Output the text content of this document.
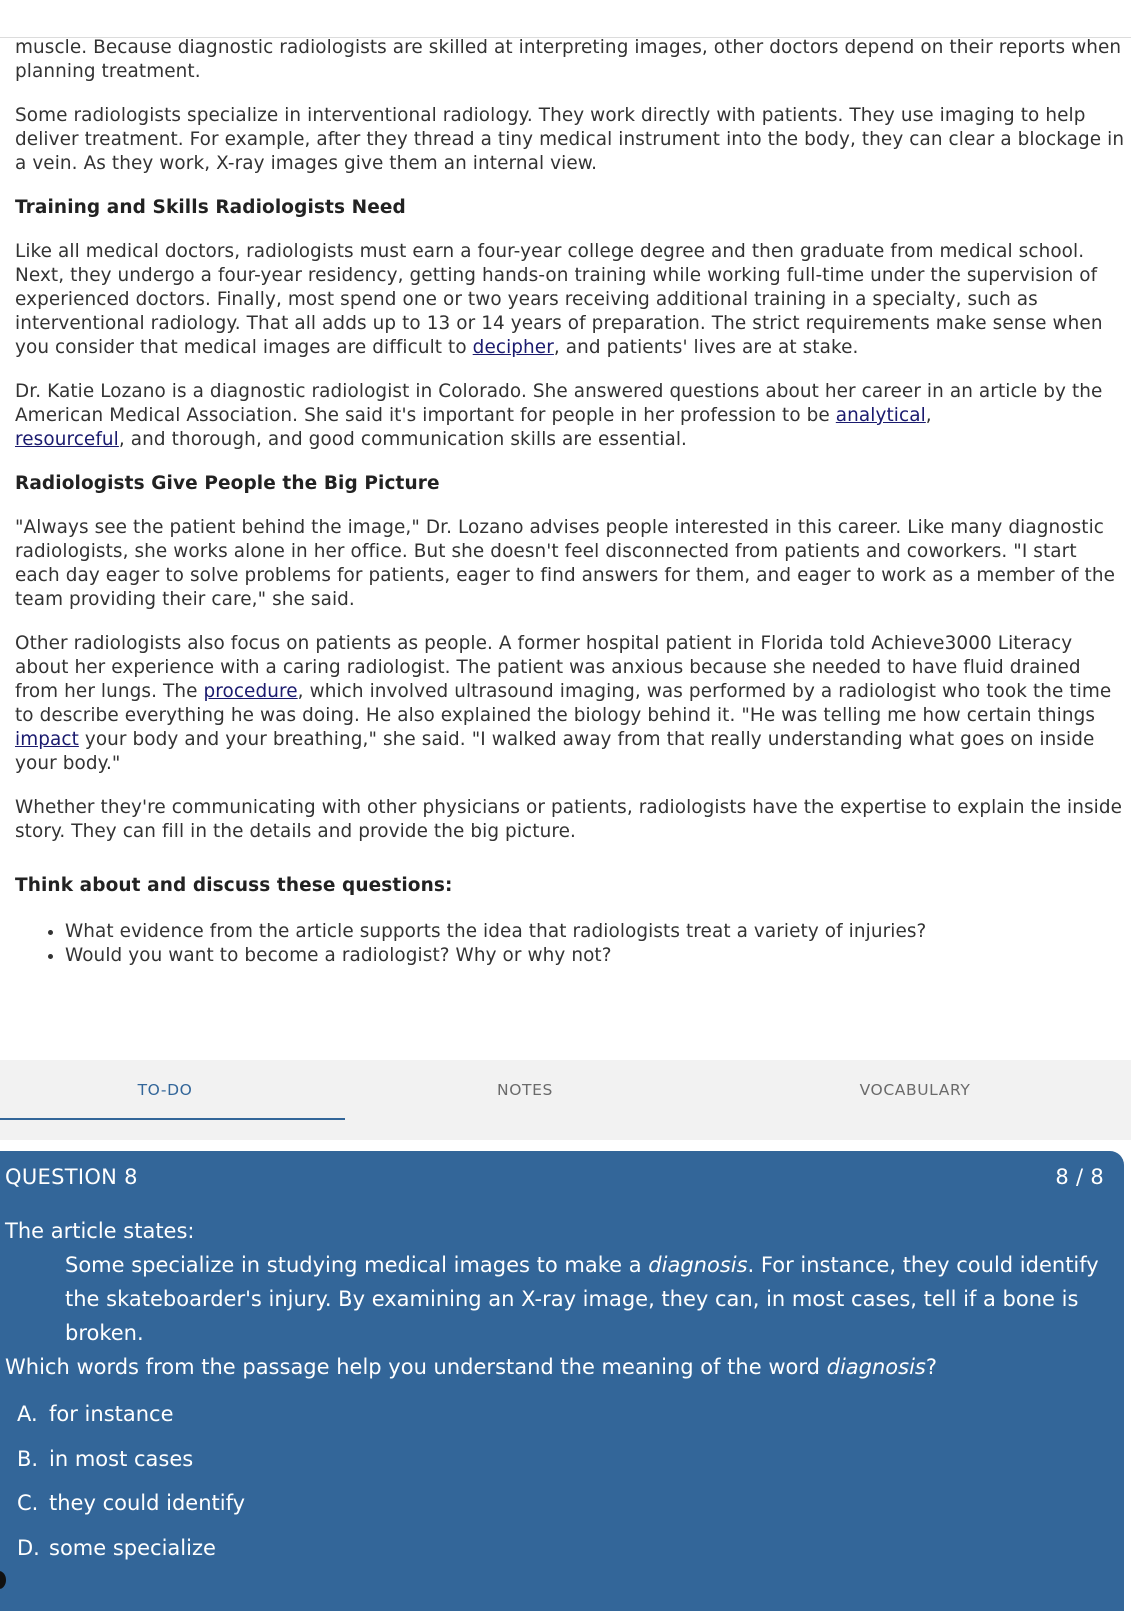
muscle. Because diagnostic radiologists are skilled at interpreting images, other doctors depend on their reports when planning treatment.

Some radiologists specialize in interventional radiology. They work directly with patients. They use imaging to help deliver treatment. For example, after they thread a tiny medical instrument into the body, they can clear a blockage in a vein. As they work, X-ray images give them an internal view.

Training and Skills Radiologists Need

Like all medical doctors, radiologists must earn a four-year college degree and then graduate from medical school. Next, they undergo a four-year residency, getting hands-on training while working full-time under the supervision of experienced doctors. Finally, most spend one or two years receiving additional training in a specialty, such as interventional radiology. That all adds up to 13 or 14 years of preparation. The strict requirements make sense when you consider that medical images are difficult to decipher, and patients' lives are at stake.

Dr. Katie Lozano is a diagnostic radiologist in Colorado. She answered questions about her career in an article by the American Medical Association. She said it's important for people in her profession to be analytical,
resourceful, and thorough, and good communication skills are essential.

Radiologists Give People the Big Picture

"Always see the patient behind the image," Dr. Lozano advises people interested in this career. Like many diagnostic radiologists, she works alone in her office. But she doesn't feel disconnected from patients and coworkers. "I start each day eager to solve problems for patients, eager to find answers for them, and eager to work as a member of the team providing their care," she said.

Other radiologists also focus on patients as people. A former hospital patient in Florida told Achieve3000 Literacy about her experience with a caring radiologist. The patient was anxious because she needed to have fluid drained from her lungs. The procedure, which involved ultrasound imaging, was performed by a radiologist who took the time to describe everything he was doing. He also explained the biology behind it. "He was telling me how certain things impact your body and your breathing," she said. "I walked away from that really understanding what goes on inside your body."

Whether they're communicating with other physicians or patients, radiologists have the expertise to explain the inside story. They can fill in the details and provide the big picture.

Think about and discuss these questions:
• What evidence from the article supports the idea that radiologists treat a variety of injuries?
• Would you want to become a radiologist? Why or why not?
TO-DO	NOTES	VOCABULARY
QUESTION 8	8 / 8
The article states:
Some specialize in studying medical images to make a diagnosis. For instance, they could identify the skateboarder's injury. By examining an X-ray image, they can, in most cases, tell if a bone is broken.
Which words from the passage help you understand the meaning of the word diagnosis?
A. for instance
B. in most cases
C. they could identify
D. some specialize
